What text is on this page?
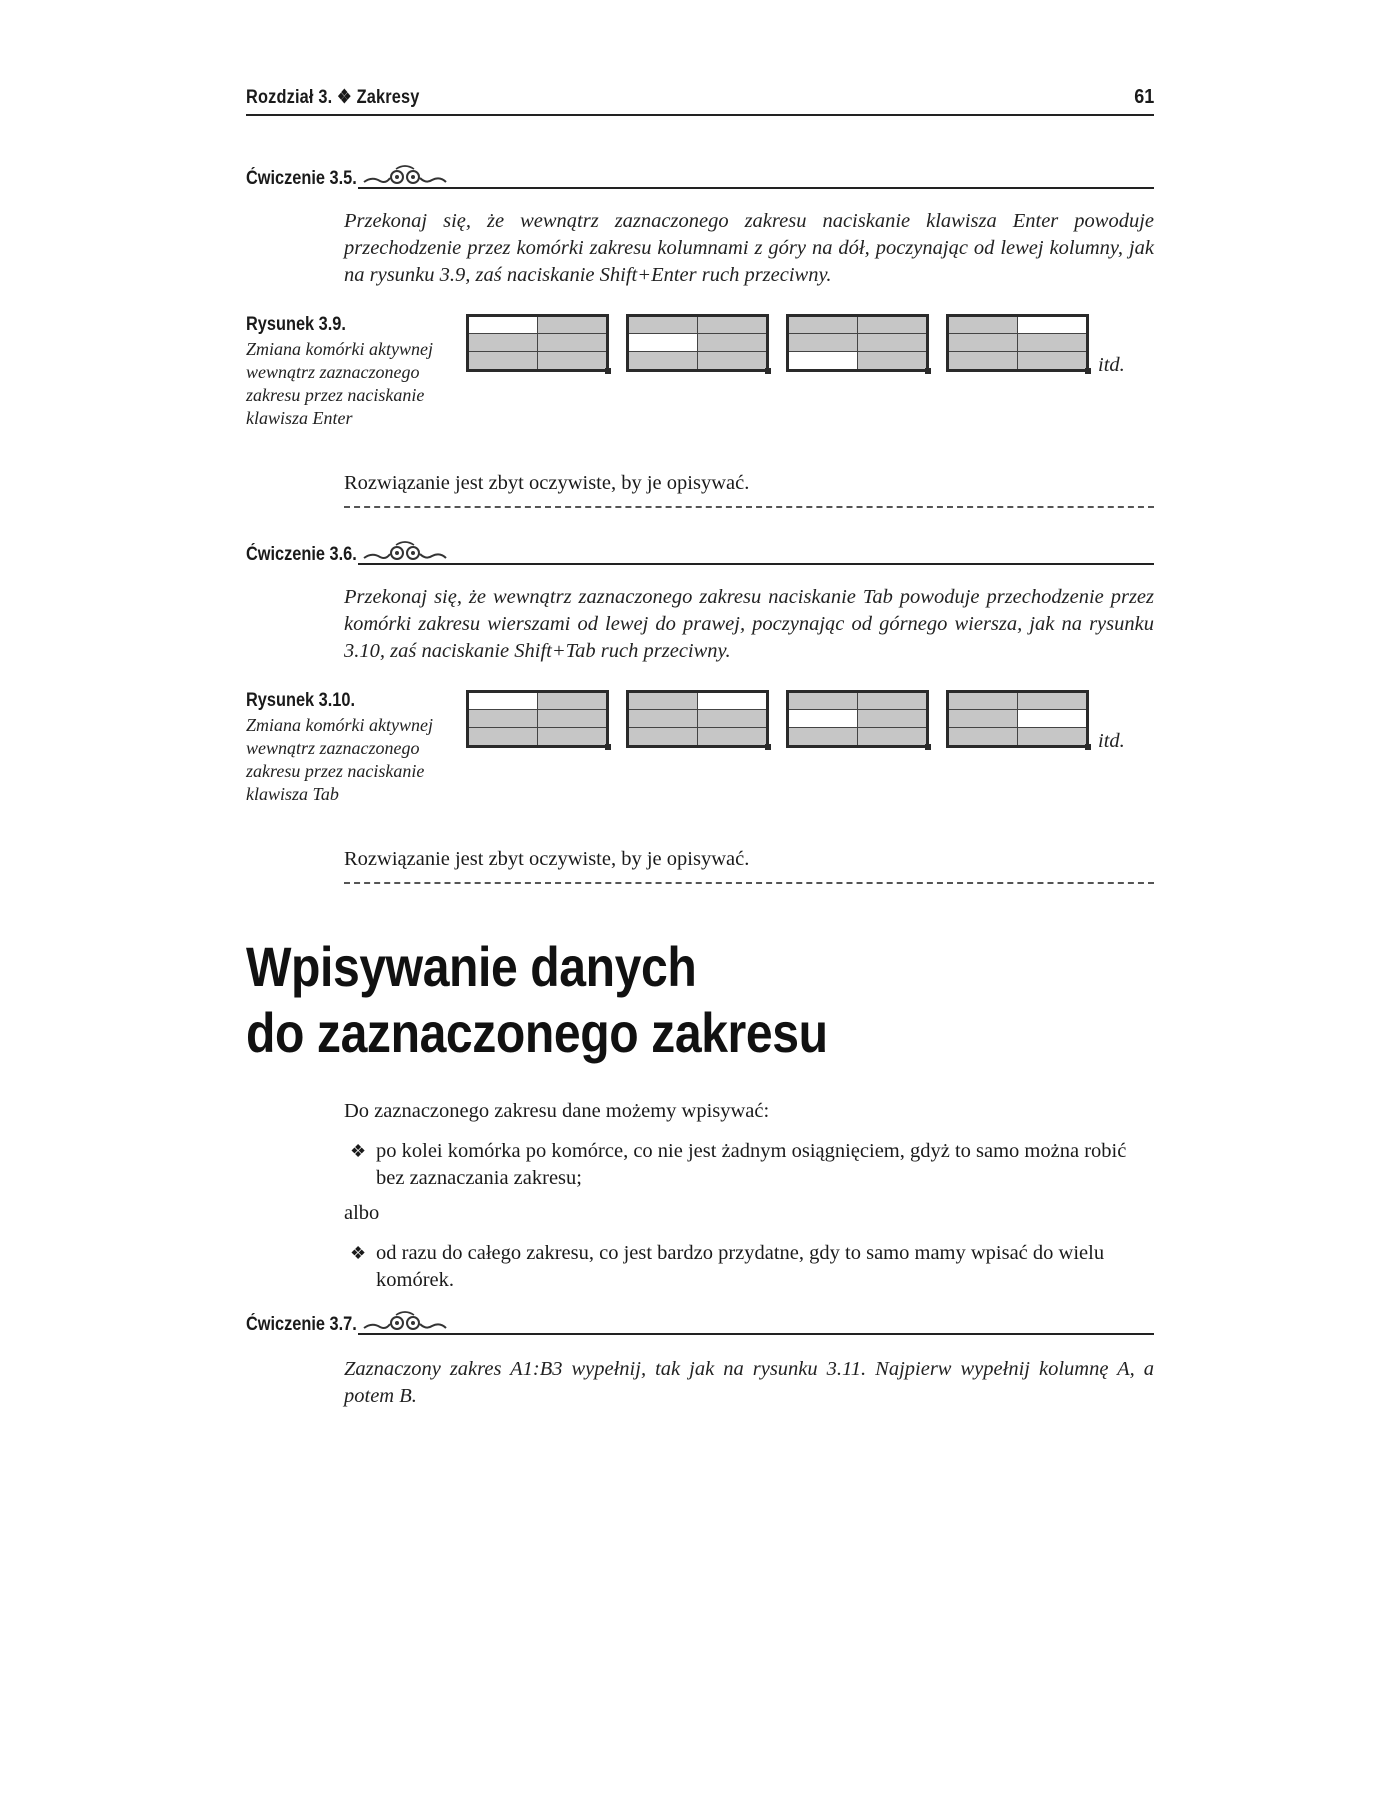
Rozdział 3. ❖ Zakresy	61
Ćwiczenie 3.5.

Przekonaj się, że wewnątrz zaznaczonego zakresu naciskanie klawisza Enter powoduje przechodzenie przez komórki zakresu kolumnami z góry na dół, poczynając od lewej kolumny, jak na rysunku 3.9, zaś naciskanie Shift+Enter ruch przeciwny.

Rysunek 3.9.
Zmiana komórki aktywnej wewnątrz zaznaczonego zakresu przez naciskanie klawisza Enter
itd.

Rozwiązanie jest zbyt oczywiste, by je opisywać.

Ćwiczenie 3.6.

Przekonaj się, że wewnątrz zaznaczonego zakresu naciskanie Tab powoduje przechodzenie przez komórki zakresu wierszami od lewej do prawej, poczynając od górnego wiersza, jak na rysunku 3.10, zaś naciskanie Shift+Tab ruch przeciwny.

Rysunek 3.10.
Zmiana komórki aktywnej wewnątrz zaznaczonego zakresu przez naciskanie klawisza Tab
itd.

Rozwiązanie jest zbyt oczywiste, by je opisywać.

Wpisywanie danych
do zaznaczonego zakresu

Do zaznaczonego zakresu dane możemy wpisywać:

❖ po kolei komórka po komórce, co nie jest żadnym osiągnięciem, gdyż to samo można robić bez zaznaczania zakresu;

albo

❖ od razu do całego zakresu, co jest bardzo przydatne, gdy to samo mamy wpisać do wielu komórek.
Ćwiczenie 3.7.

Zaznaczony zakres A1:B3 wypełnij, tak jak na rysunku 3.11. Najpierw wypełnij kolumnę A, a potem B.
